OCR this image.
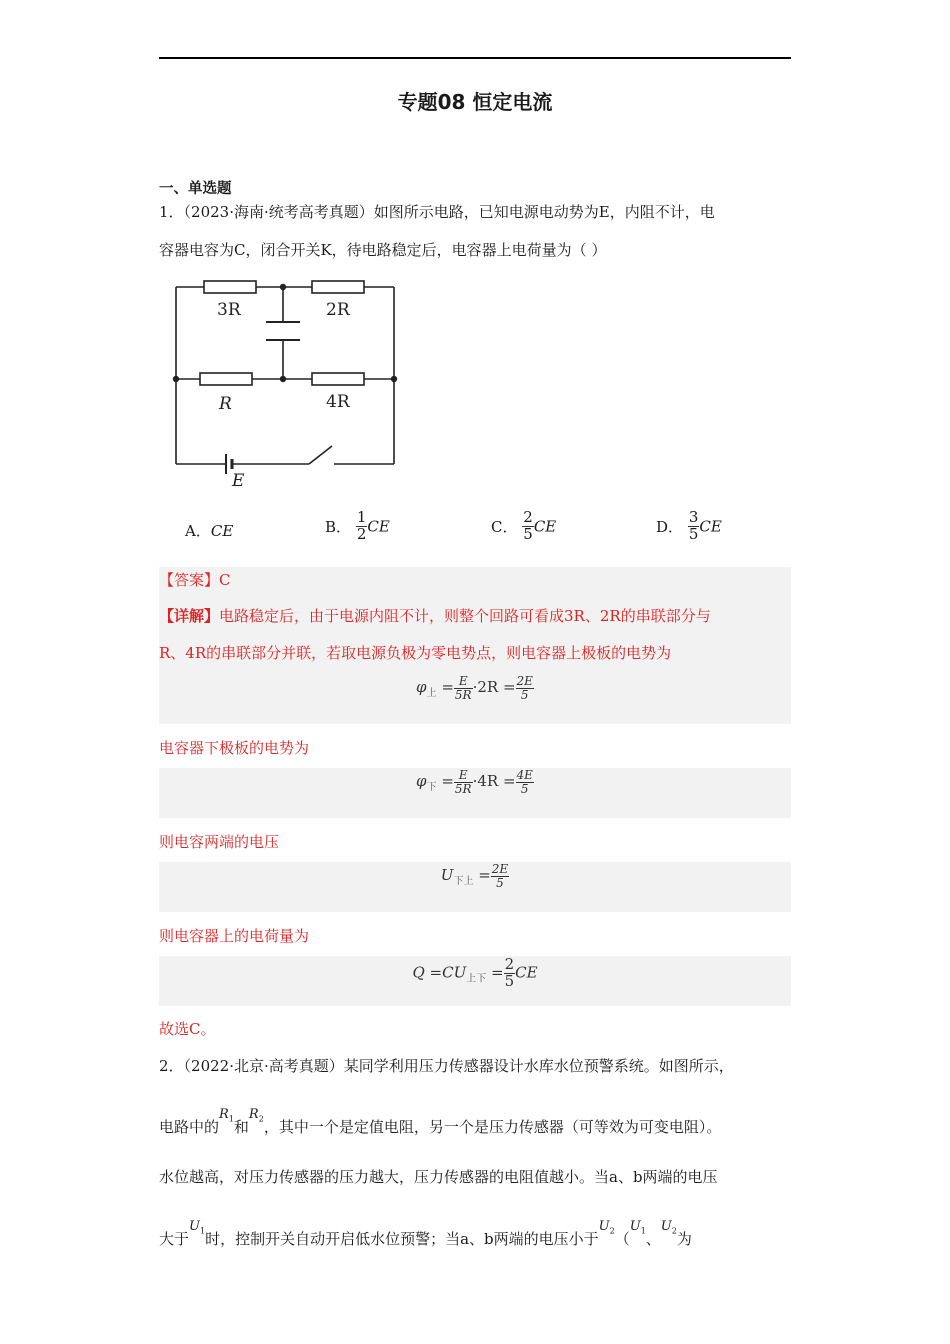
专题08 恒定电流
一、单选题
1．（2023·海南·统考高考真题）如图所示电路，已知电源电动势为E，内阻不计，电
容器电容为C，闭合开关K，待电路稳定后，电容器上电荷量为（ ）
3R	2R
R	4R
E
A．CE	B． $\frac{1}{2}$ CE	C． $\frac{2}{5}$ CE	D． $\frac{3}{5}$ CE
【答案】C
【详解】电路稳定后，由于电源内阻不计，则整个回路可看成3R、2R的串联部分与
R、4R的串联部分并联，若取电源负极为零电势点，则电容器上极板的电势为
$\varphi_上 = \frac{E}{5R} \cdot 2R = \frac{2E}{5}$
电容器下极板的电势为
$\varphi_下 = \frac{E}{5R} \cdot 4R = \frac{4E}{5}$
则电容两端的电压
$U_{下上} = \frac{2E}{5}$
则电容器上的电荷量为
$Q =CU_{上下} = \frac{2}{5}$ CE
故选C。
2．（2022·北京·高考真题）某同学利用压力传感器设计水库水位预警系统。如图所示，
电路中的$R_1$和$R_2$，其中一个是定值电阻，另一个是压力传感器（可等效为可变电阻）。
水位越高，对压力传感器的压力越大，压力传感器的电阻值越小。当a、b两端的电压
大于$U_1$时，控制开关自动开启低水位预警；当a、b两端的电压小于$U_2(U_1$、$U_2$为
